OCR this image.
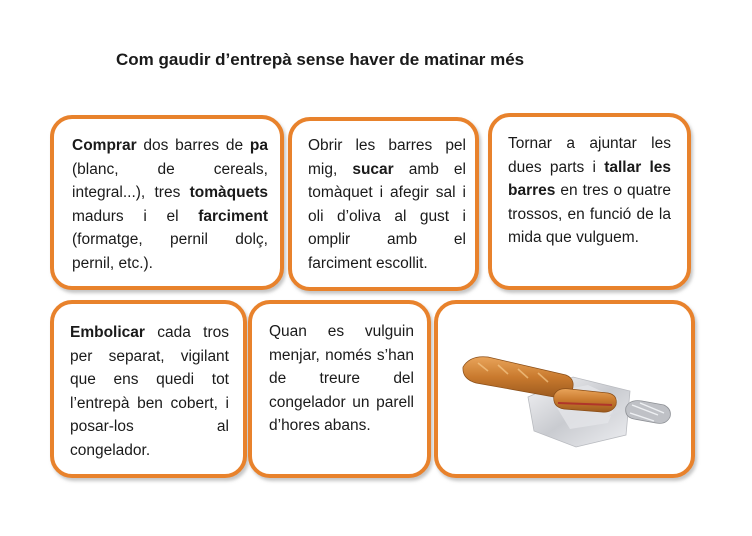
Com gaudir d’entrepà sense haver de matinar més
Comprar dos barres de pa (blanc, de cereals, integral...), tres tomàquets madurs i el farciment (formatge, pernil dolç, pernil, etc.).
Obrir les barres pel mig, sucar amb el tomàquet i afegir sal i oli d’oliva al gust i omplir amb el farciment escollit.
Tornar a ajuntar les dues parts i tallar les barres en tres o quatre trossos, en funció de la mida que vulguem.
Embolicar cada tros per separat, vigilant que ens quedi tot l’entrepà ben cobert, i posar-los al congelador.
Quan es vulguin menjar, només s’han de treure del congelador un parell d’hores abans.
